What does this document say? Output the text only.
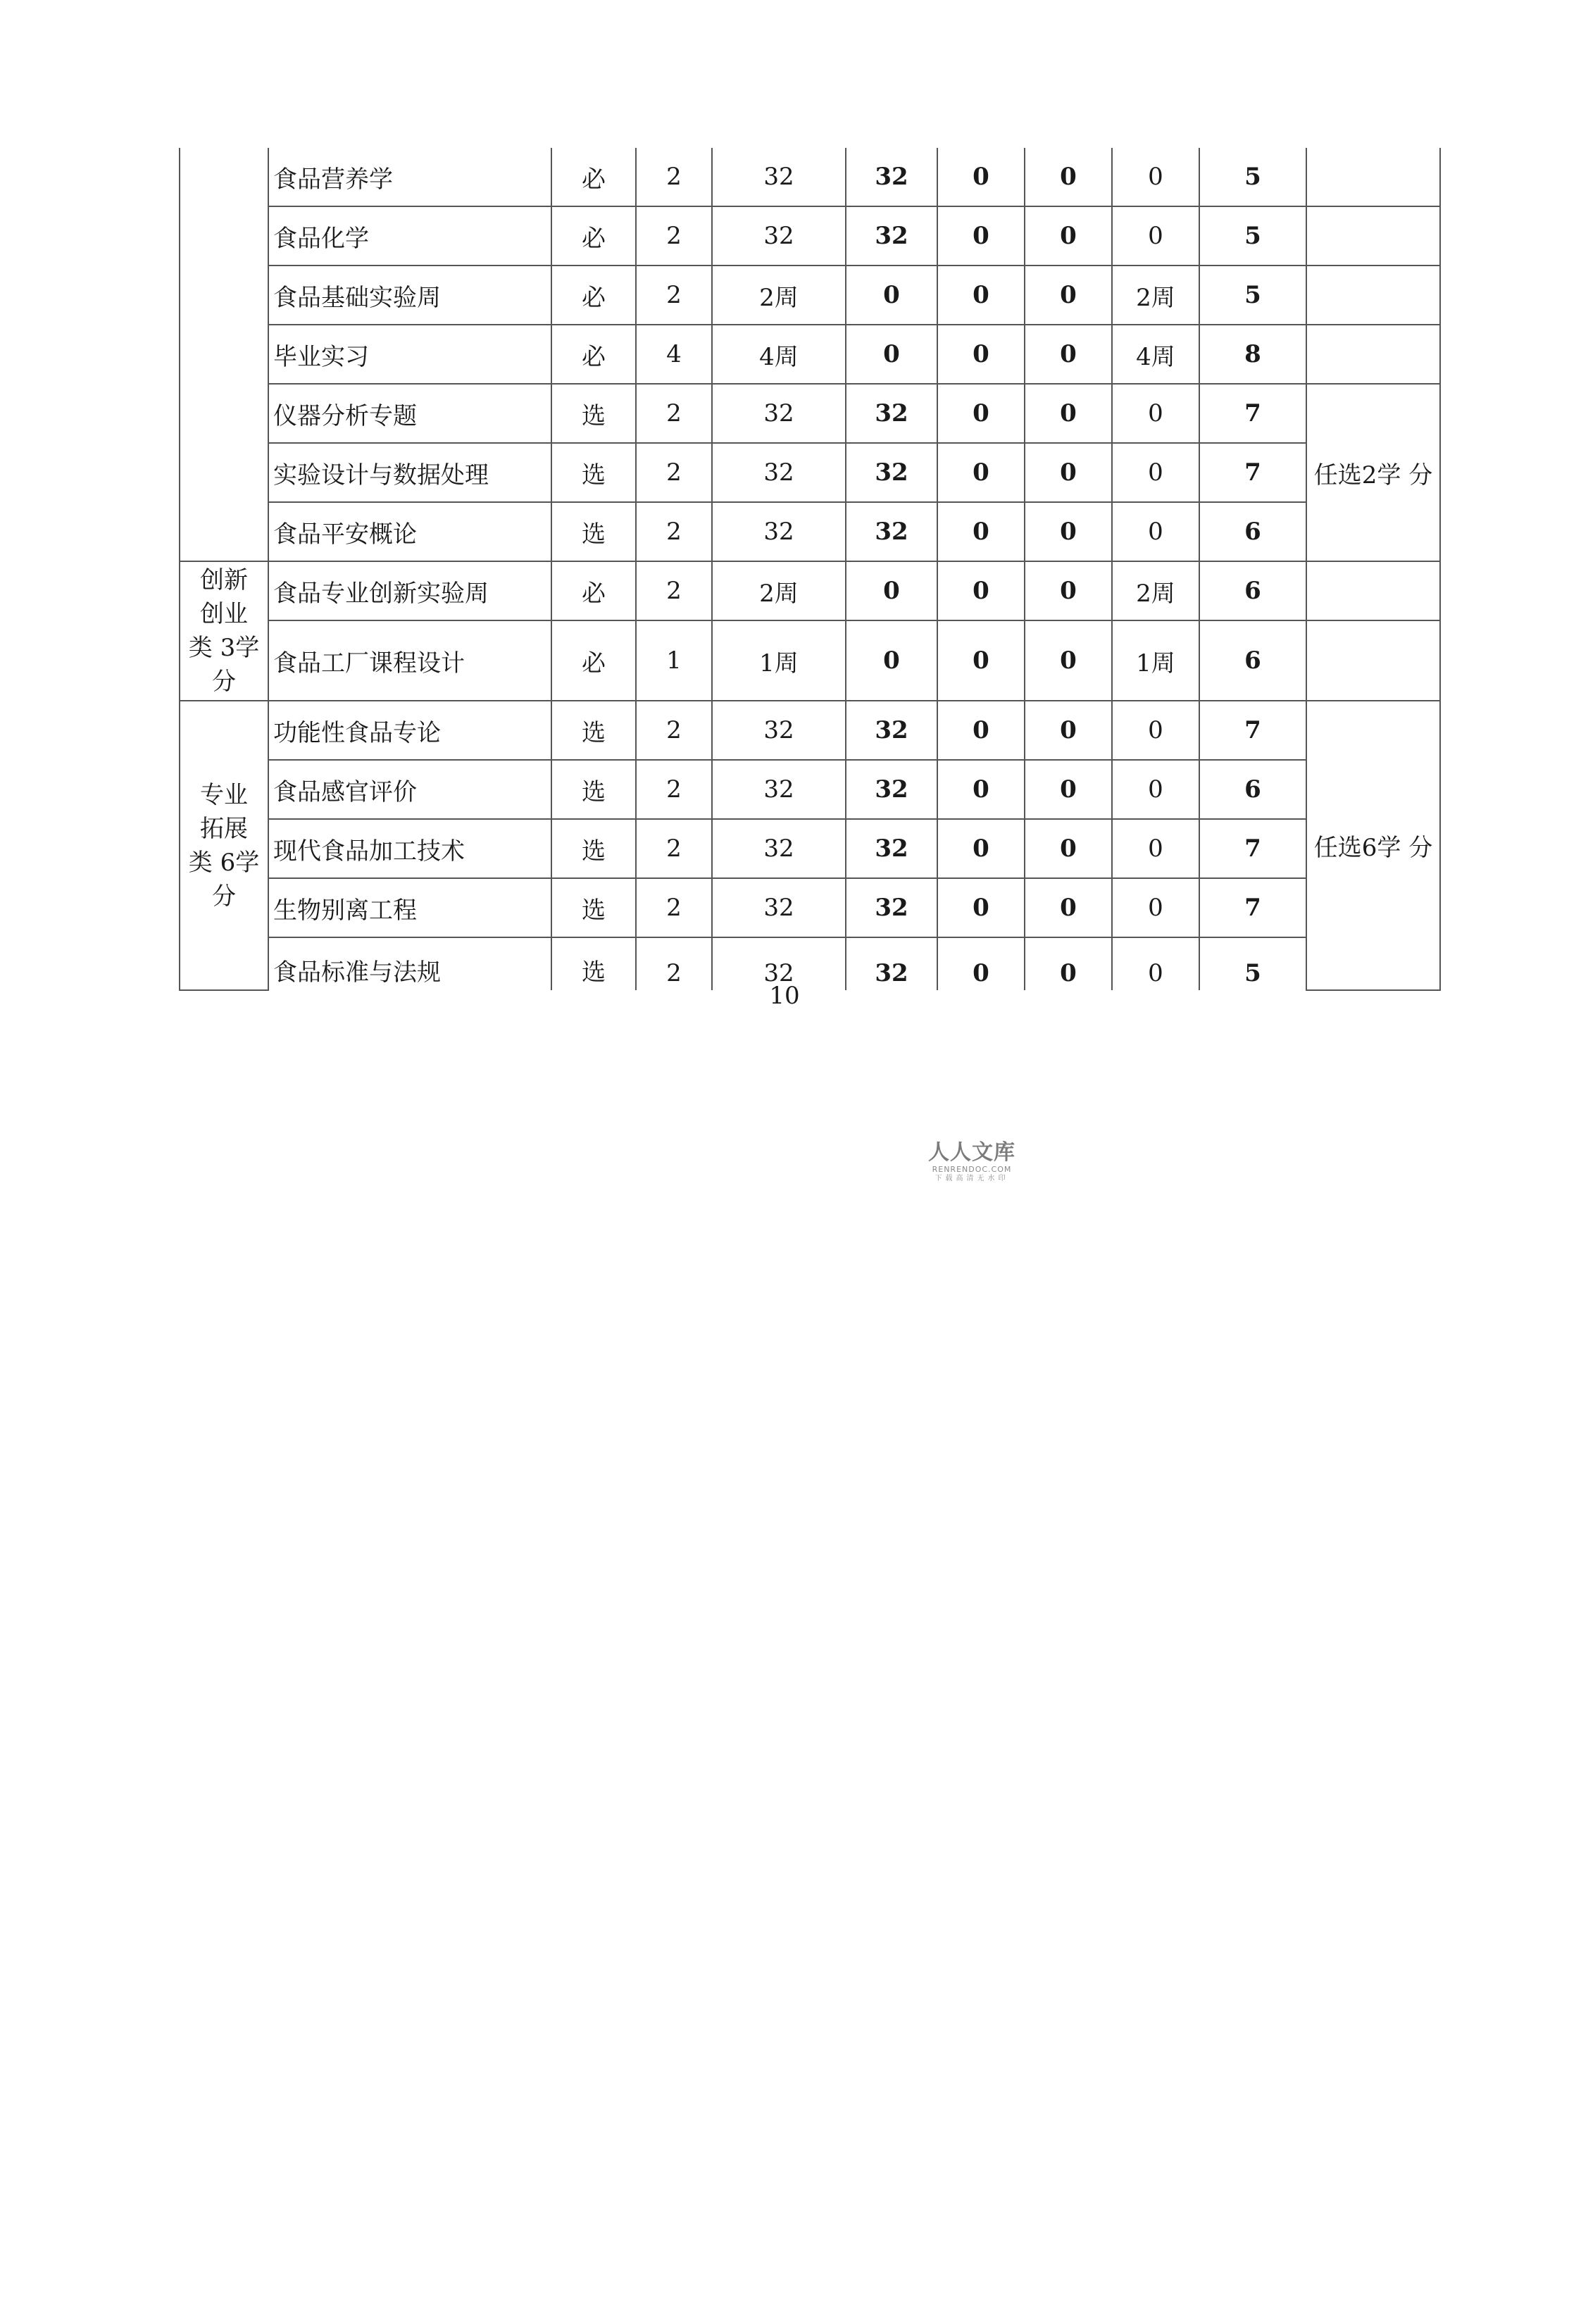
	食品营养学	必	2	32	32	0	0	0	5	
	食品化学	必	2	32	32	0	0	0	5	
	食品基础实验周	必	2	2周	0	0	0	2周	5	
	毕业实习	必	4	4周	0	0	0	4周	8	
	仪器分析专题	选	2	32	32	0	0	0	7	任选2学 分
	实验设计与数据处理	选	2	32	32	0	0	0	7	
	食品平安概论	选	2	32	32	0	0	0	6	

创新
创业
类 3学
分	食品专业创新实验周	必	2	2周	0	0	0	2周	6	
	食品工厂课程设计	必	1	1周	0	0	0	1周	6	

专业
拓展
类 6学
分	功能性食品专论	选	2	32	32	0	0	0	7	任选6学 分
	食品感官评价	选	2	32	32	0	0	0	6	
	现代食品加工技术	选	2	32	32	0	0	0	7	
	生物别离工程	选	2	32	32	0	0	0	7	
	食品标准与法规	选	2	32	32	0	0	0	5	
10
人人文库
RENRENDOC.COM
下载高清无水印
